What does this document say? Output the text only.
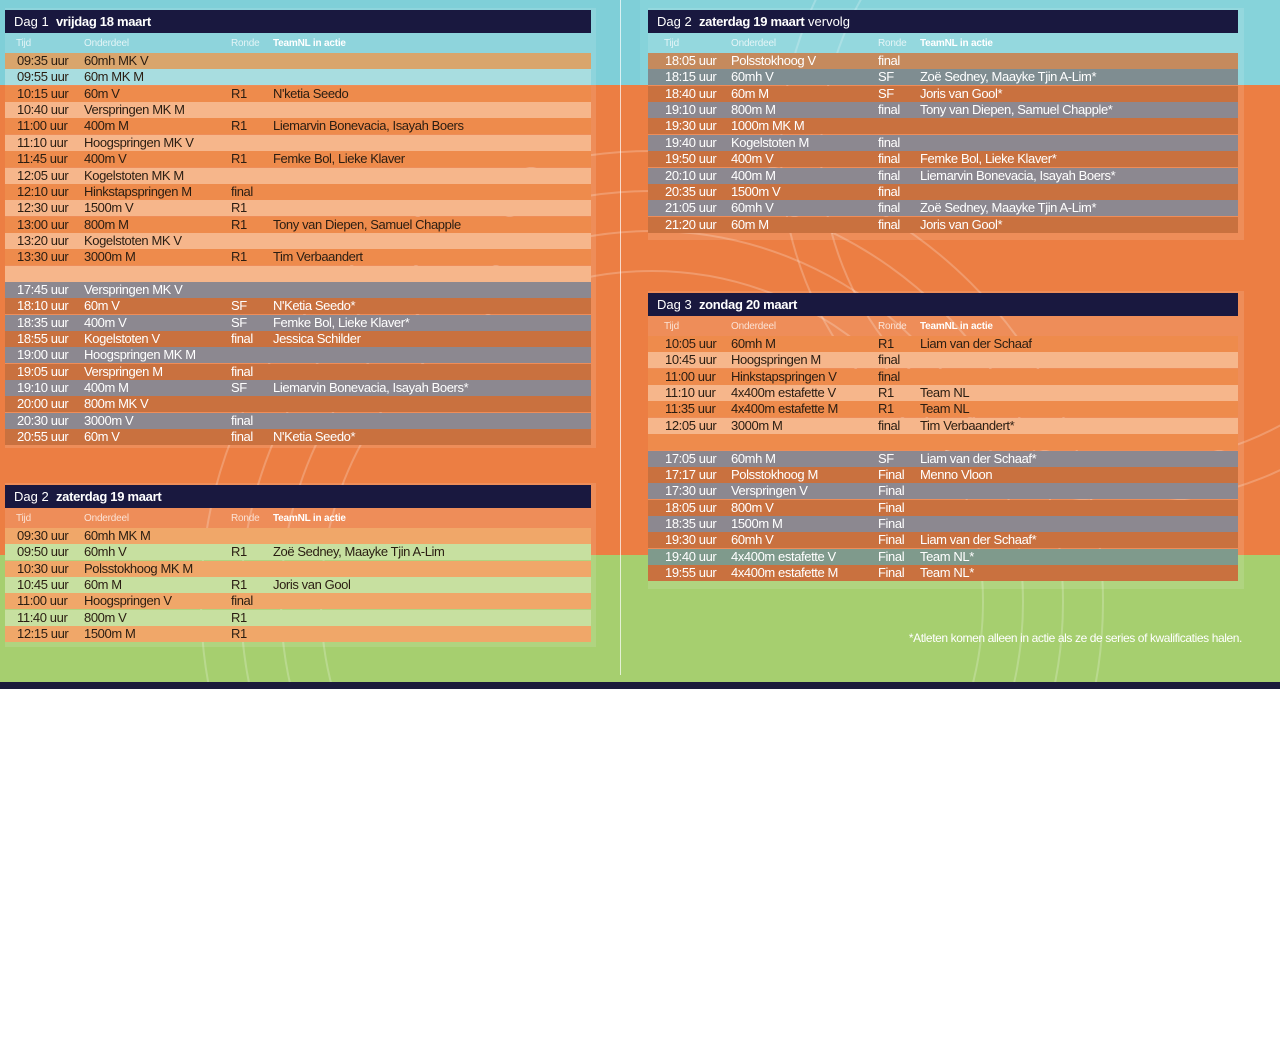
Dag 1 vrijdag 18 maart
Tijd	Onderdeel	Ronde TeamNL in actie
09:35 uur 60mh MK V
09:55 uur 60m MK M
10:15 uur 60m V	R1 N'ketia Seedo
10:40 uur Verspringen MK M
11:00 uur 400m M	R1 Liemarvin Bonevacia, Isayah Boers
11:10 uur Hoogspringen MK V
11:45 uur 400m V	R1 Femke Bol, Lieke Klaver
12:05 uur Kogelstoten MK M
12:10 uur Hinkstapspringen M	final
12:30 uur 1500m V	R1
13:00 uur 800m M	R1 Tony van Diepen, Samuel Chapple
13:20 uur Kogelstoten MK V
13:30 uur 3000m M	R1 Tim Verbaandert
17:45 uur Verspringen MK V
18:10 uur 60m V	SF N'Ketia Seedo*
18:35 uur 400m V	SF Femke Bol, Lieke Klaver*
18:55 uur Kogelstoten V	final Jessica Schilder
19:00 uur Hoogspringen MK M
19:05 uur Verspringen M	final
19:10 uur 400m M	SF Liemarvin Bonevacia, Isayah Boers*
20:00 uur 800m MK V
20:30 uur 3000m V	final
20:55 uur 60m V	final N'Ketia Seedo*
Dag 2 zaterdag 19 maart
Tijd	Onderdeel	Ronde TeamNL in actie
09:30 uur 60mh MK M
09:50 uur 60mh V	R1 Zoë Sedney, Maayke Tjin A-Lim
10:30 uur Polsstokhoog MK M
10:45 uur 60m M	R1 Joris van Gool
11:00 uur Hoogspringen V	final
11:40 uur 800m V	R1
12:15 uur 1500m M	R1
Dag 2 zaterdag 19 maart vervolg
Tijd	Onderdeel	Ronde TeamNL in actie
18:05 uur Polsstokhoog V	final
18:15 uur 60mh V	SF Zoë Sedney, Maayke Tjin A-Lim*
18:40 uur 60m M	SF Joris van Gool*
19:10 uur 800m M	final Tony van Diepen, Samuel Chapple*
19:30 uur 1000m MK M
19:40 uur Kogelstoten M	final
19:50 uur 400m V	final Femke Bol, Lieke Klaver*
20:10 uur 400m M	final Liemarvin Bonevacia, Isayah Boers*
20:35 uur 1500m V	final
21:05 uur 60mh V	final Zoë Sedney, Maayke Tjin A-Lim*
21:20 uur 60m M	final Joris van Gool*
Dag 3 zondag 20 maart
Tijd	Onderdeel	Ronde TeamNL in actie
10:05 uur 60mh M	R1 Liam van der Schaaf
10:45 uur Hoogspringen M	final
11:00 uur Hinkstapspringen V	final
11:10 uur 4x400m estafette V	R1 Team NL
11:35 uur 4x400m estafette M	R1 Team NL
12:05 uur 3000m M	final Tim Verbaandert*
17:05 uur 60mh M	SF Liam van der Schaaf*
17:17 uur Polsstokhoog M	Final Menno Vloon
17:30 uur Verspringen V	Final
18:05 uur 800m V	Final
18:35 uur 1500m M	Final
19:30 uur 60mh V	Final Liam van der Schaaf*
19:40 uur 4x400m estafette V	Final Team NL*
19:55 uur 4x400m estafette M	Final Team NL*
*Atleten komen alleen in actie als ze de series of kwalificaties halen.
